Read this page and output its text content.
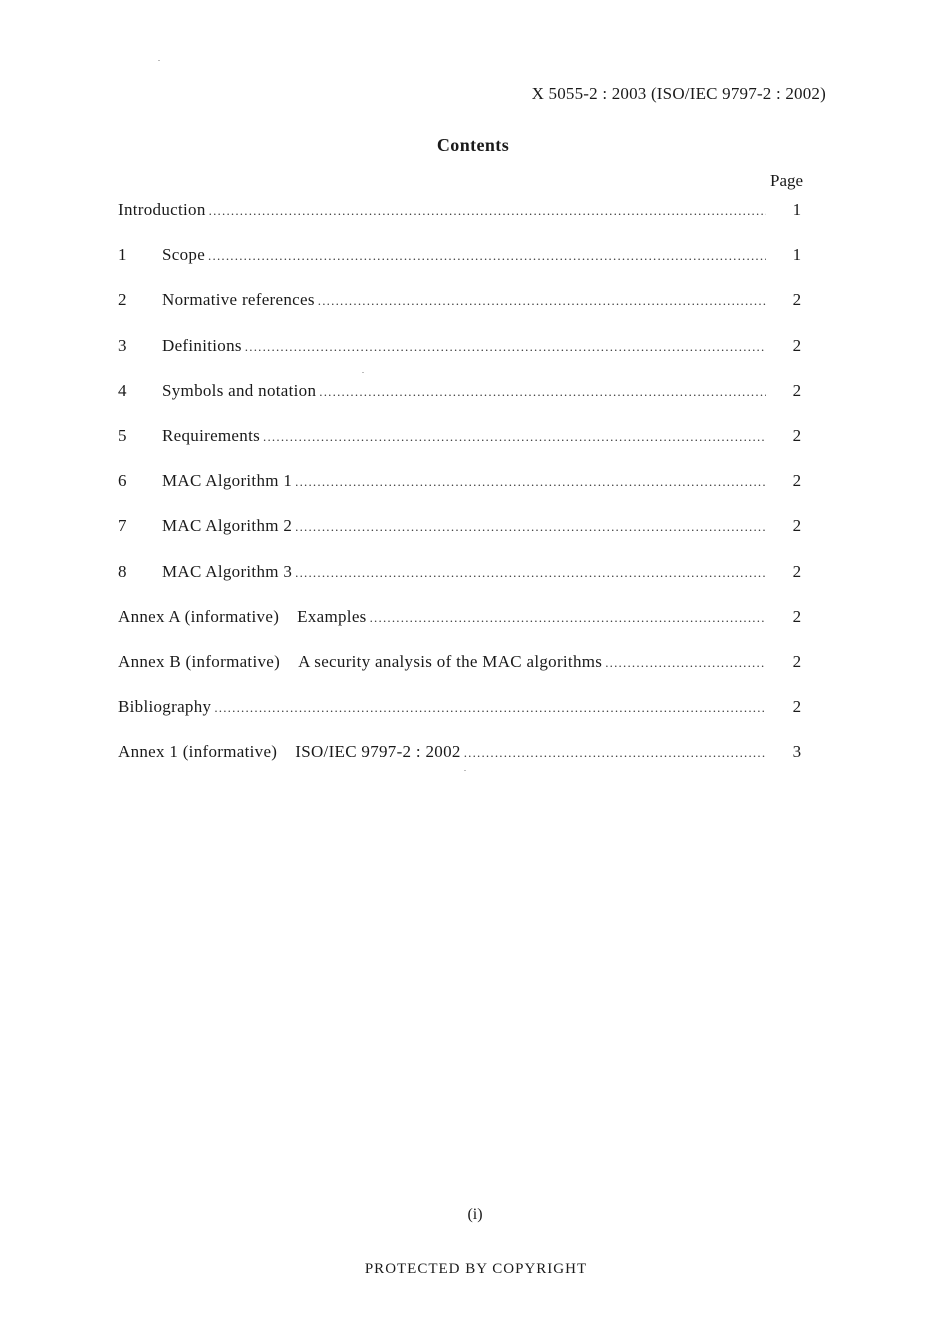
X 5055-2 : 2003 (ISO/IEC 9797-2 : 2002)
Contents
Page
Introduction .....	1
1	Scope .....	1
2	Normative references .....	2
3	Definitions .....	2
4	Symbols and notation .....	2
5	Requirements .....	2
6	MAC Algorithm 1 .....	2
7	MAC Algorithm 2 .....	2
8	MAC Algorithm 3 .....	2
Annex A (informative) Examples .....	2
Annex B (informative) A security analysis of the MAC algorithms .....	2
Bibliography .....	2
Annex 1 (informative) ISO/IEC 9797-2 : 2002 .....	3
(i)
PROTECTED BY COPYRIGHT
